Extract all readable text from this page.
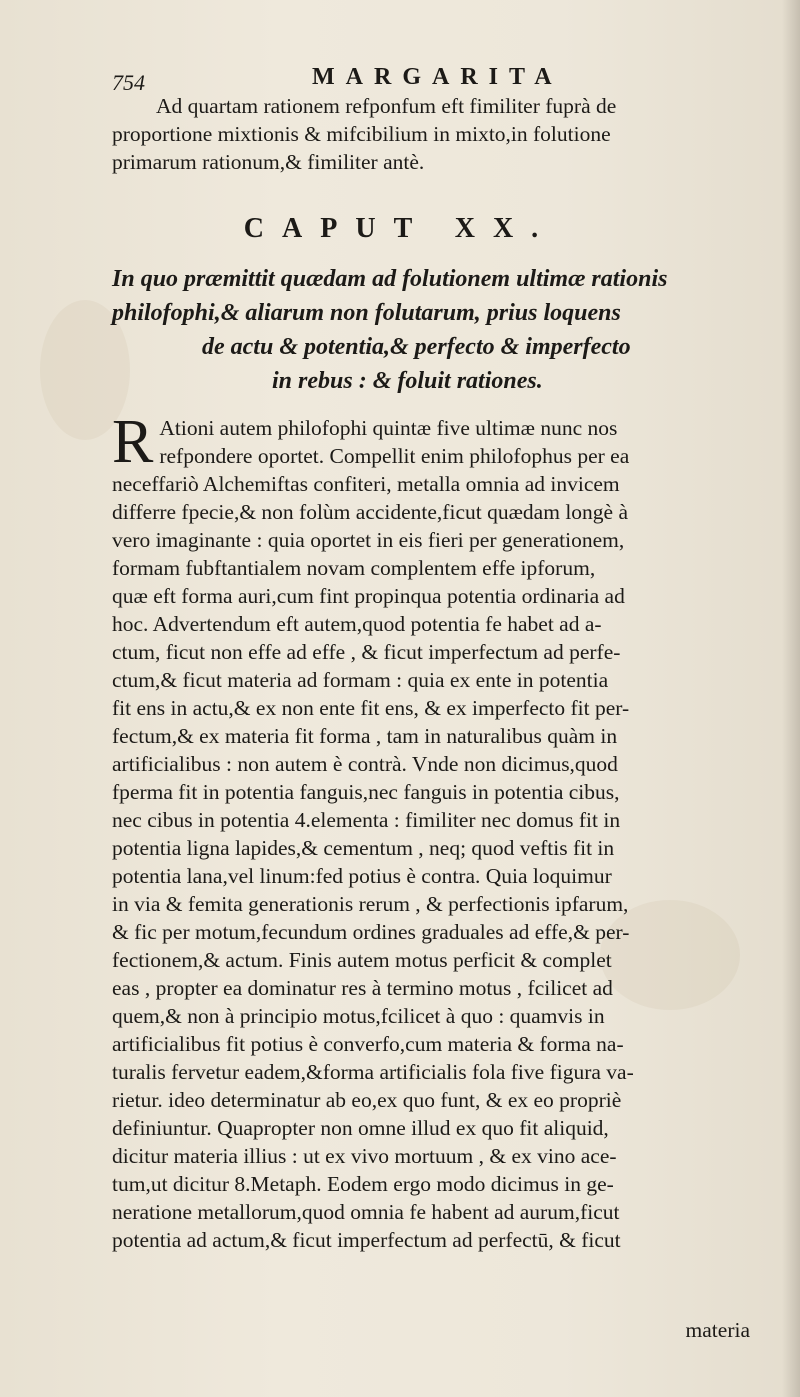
754	MARGARITA
Ad quartam rationem refponfum eft fimiliter fuprà de
proportione mixtionis & mifcibilium in mixto,in folutione
primarum rationum,& fimiliter antè.
CAPUT XX.
In quo præmittit quædam ad folutionem ultimæ rationis
philofophi,& aliarum non folutarum, prius loquens
de actu & potentia,& perfecto & imperfecto
in rebus : & foluit rationes.
R Ationi autem philofophi quintæ five ultimæ nunc nos
refpondere oportet. Compellit enim philofophus per ea
neceffariò Alchemiftas confiteri, metalla omnia ad invicem
differre fpecie,& non folùm accidente,ficut quædam longè à
vero imaginante : quia oportet in eis fieri per generationem,
formam fubftantialem novam complentem effe ipforum,
quæ eft forma auri,cum fint propinqua potentia ordinaria ad
hoc. Advertendum eft autem,quod potentia fe habet ad a-
ctum, ficut non effe ad effe , & ficut imperfectum ad perfe-
ctum,& ficut materia ad formam : quia ex ente in potentia
fit ens in actu,& ex non ente fit ens, & ex imperfecto fit per-
fectum,& ex materia fit forma , tam in naturalibus quàm in
artificialibus : non autem è contrà. Vnde non dicimus,quod
fperma fit in potentia fanguis,nec fanguis in potentia cibus,
nec cibus in potentia 4.elementa : fimiliter nec domus fit in
potentia ligna lapides,& cementum , neq; quod veftis fit in
potentia lana,vel linum:fed potius è contra. Quia loquimur
in via & femita generationis rerum , & perfectionis ipfarum,
& fic per motum,fecundum ordines graduales ad effe,& per-
fectionem,& actum. Finis autem motus perficit & complet
eas , propter ea dominatur res à termino motus , fcilicet ad
quem,& non à principio motus,fcilicet à quo : quamvis in
artificialibus fit potius è converfo,cum materia & forma na-
turalis fervetur eadem,&forma artificialis fola five figura va-
rietur. ideo determinatur ab eo,ex quo funt, & ex eo propriè
definiuntur. Quapropter non omne illud ex quo fit aliquid,
dicitur materia illius : ut ex vivo mortuum , & ex vino ace-
tum,ut dicitur 8.Metaph. Eodem ergo modo dicimus in ge-
neratione metallorum,quod omnia fe habent ad aurum,ficut
potentia ad actum,& ficut imperfectum ad perfectū, & ficut
materia
